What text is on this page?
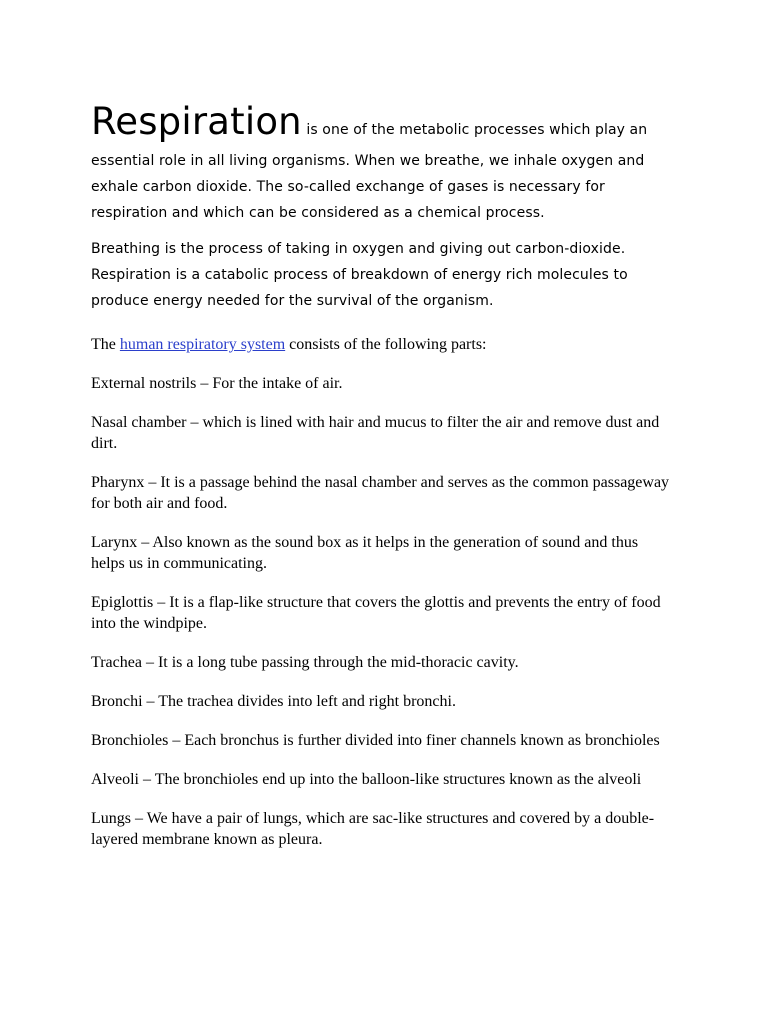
Respiration is one of the metabolic processes which play an
essential role in all living organisms. When we breathe, we inhale oxygen and exhale carbon dioxide. The so-called exchange of gases is necessary for respiration and which can be considered as a chemical process.

Breathing is the process of taking in oxygen and giving out carbon-dioxide. Respiration is a catabolic process of breakdown of energy rich molecules to produce energy needed for the survival of the organism.

The human respiratory system consists of the following parts:

External nostrils – For the intake of air.

Nasal chamber – which is lined with hair and mucus to filter the air and remove dust and dirt.

Pharynx – It is a passage behind the nasal chamber and serves as the common passageway for both air and food.

Larynx – Also known as the sound box as it helps in the generation of sound and thus helps us in communicating.

Epiglottis – It is a flap-like structure that covers the glottis and prevents the entry of food into the windpipe.

Trachea – It is a long tube passing through the mid-thoracic cavity.

Bronchi – The trachea divides into left and right bronchi.

Bronchioles – Each bronchus is further divided into finer channels known as bronchioles

Alveoli – The bronchioles end up into the balloon-like structures known as the alveoli

Lungs – We have a pair of lungs, which are sac-like structures and covered by a double-layered membrane known as pleura.
